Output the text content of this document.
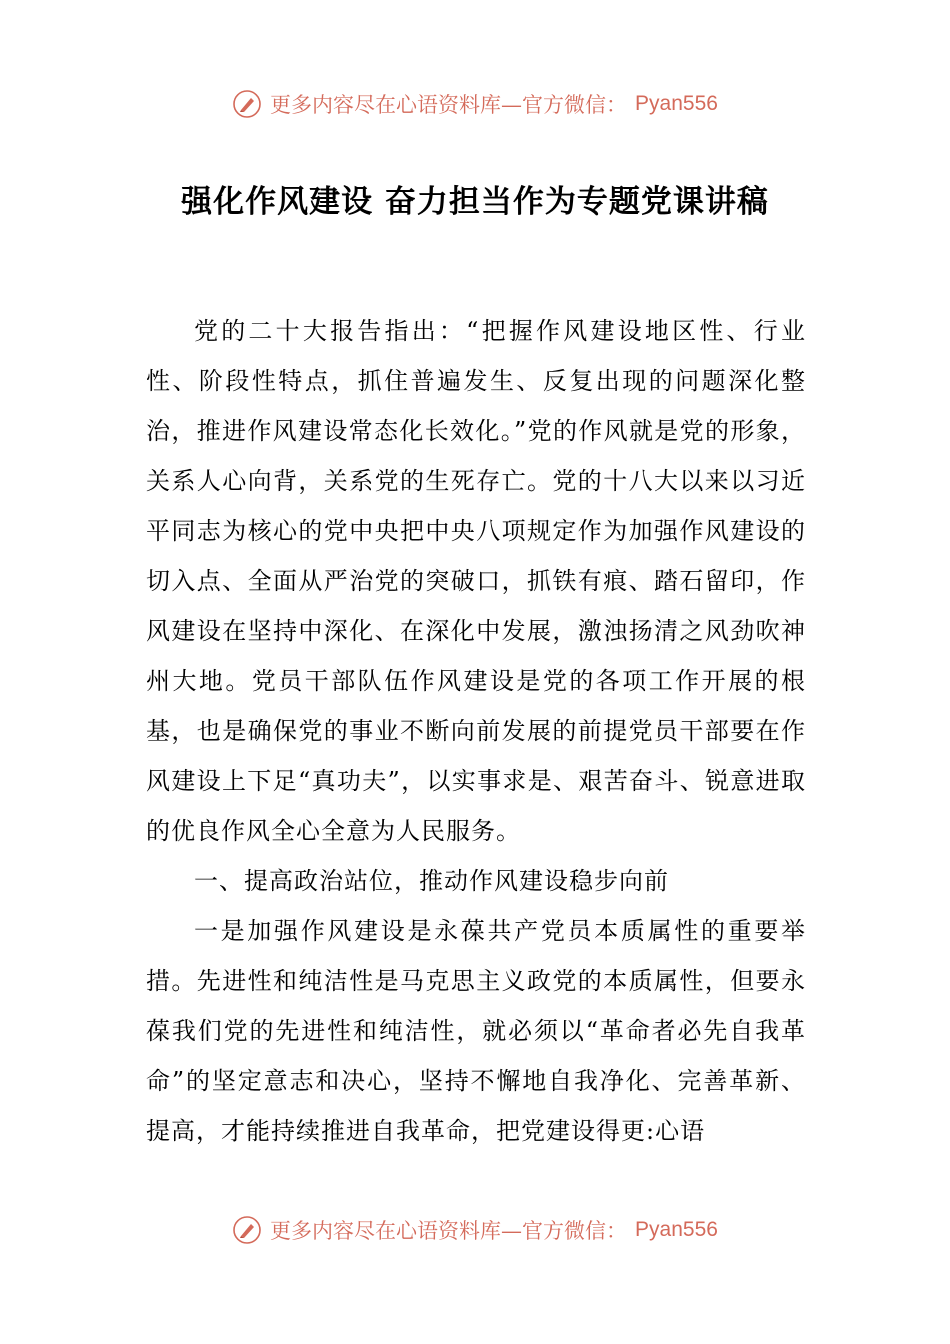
更多内容尽在心语资料库—官方微信： Pyan556
强化作风建设 奋力担当作为专题党课讲稿

党的二十大报告指出：“把握作风建设地区性、行业性、阶段性特点，抓住普遍发生、反复出现的问题深化整治，推进作风建设常态化长效化。”党的作风就是党的形象，关系人心向背，关系党的生死存亡。党的十八大以来以习近平同志为核心的党中央把中央八项规定作为加强作风建设的切入点、全面从严治党的突破口，抓铁有痕、踏石留印，作风建设在坚持中深化、在深化中发展，激浊扬清之风劲吹神州大地。党员干部队伍作风建设是党的各项工作开展的根基，也是确保党的事业不断向前发展的前提党员干部要在作风建设上下足“真功夫”，以实事求是、艰苦奋斗、锐意进取的优良作风全心全意为人民服务。

一、提高政治站位，推动作风建设稳步向前

一是加强作风建设是永葆共产党员本质属性的重要举措。先进性和纯洁性是马克思主义政党的本质属性，但要永葆我们党的先进性和纯洁性，就必须以“革命者必先自我革命”的坚定意志和决心，坚持不懈地自我净化、完善革新、提高，才能持续推进自我革命，把党建设得更:心语

更多内容尽在心语资料库—官方微信： Pyan556
